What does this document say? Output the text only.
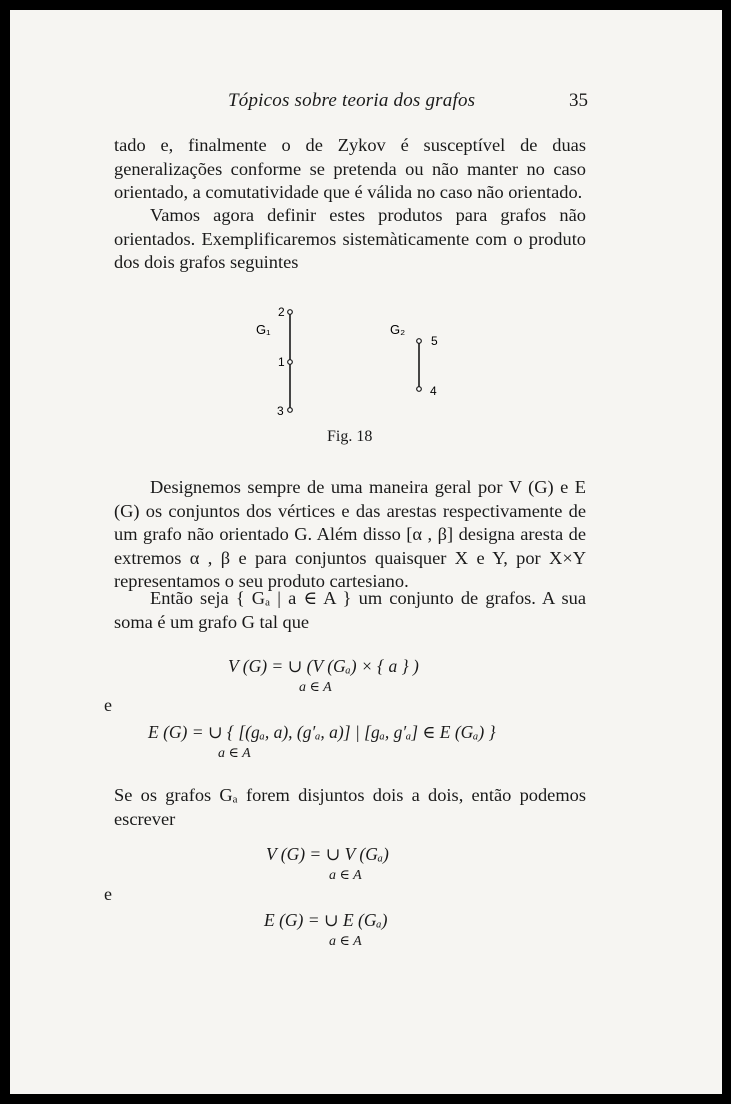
Tópicos sobre teoria dos grafos	35
tado e, finalmente o de Zykov é susceptível de duas generalizações conforme se pretenda ou não manter no caso orientado, a comutatividade que é válida no caso não orientado.
Vamos agora definir estes produtos para grafos não orientados. Exemplificaremos sistemàticamente com o produto dos dois grafos seguintes
G₁
2
1
3
G₂
5
4
Fig. 18
Designemos sempre de uma maneira geral por V (G) e E (G) os conjuntos dos vértices e das arestas respectivamente de um grafo não orientado G. Além disso [α , β] designa aresta de extremos α , β e para conjuntos quaisquer X e Y, por X×Y representamos o seu produto cartesiano.
Então seja { Gₐ | a ∈ A } um conjunto de grafos. A sua soma é um grafo G tal que
V (G) = ∪ (V (Gₐ) × { a } )
a ∈ A
e
E (G) = ∪ { [(gₐ, a), (g′ₐ, a)] | [gₐ, g′ₐ] ∈ E (Gₐ) }
a ∈ A
Se os grafos Gₐ forem disjuntos dois a dois, então podemos escrever
V (G) = ∪ V (Gₐ)
a ∈ A
e
E (G) = ∪ E (Gₐ)
a ∈ A
